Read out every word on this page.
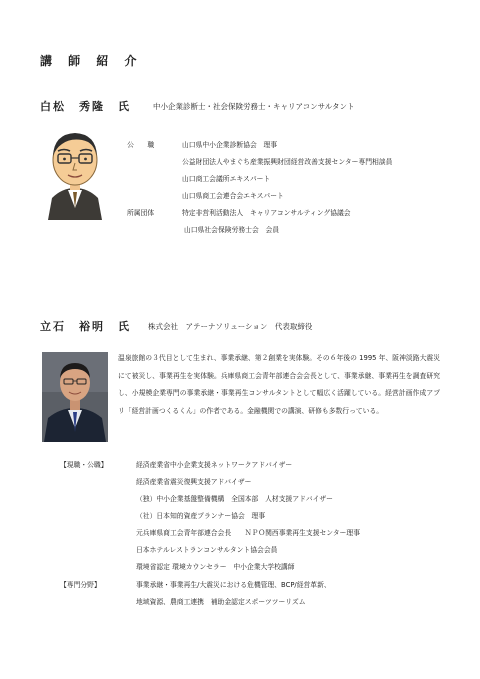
講 師 紹 介
白松　秀隆　氏	中小企業診断士・社会保険労務士・キャリアコンサルタント
公　　職	山口県中小企業診断協会　理事
公益財団法人やまぐち産業振興財団経営改善支援センター専門相談員
山口商工会議所エキスパート
山口県商工会連合会エキスパート
所属団体	特定非営利活動法人　キャリアコンサルティング協議会
山口県社会保険労務士会　会員
立石　裕明　氏 株式会社　アテーナソリューション　代表取締役
温泉旅館の３代目として生まれ、事業承継、第２創業を実体験。その６年後の 1995 年、阪神淡路大震災にて被災し、事業再生を実体験。兵庫県商工会青年部連合会会長として、事業承継、事業再生を調査研究し、小規模企業専門の事業承継・事業再生コンサルタントとして幅広く活躍している。経営計画作成アプリ「経営計画つくるくん」の作者である。金融機関での講演、研修も多数行っている。
【現職・公職】	経済産業省中小企業支援ネットワークアドバイザー
経済産業省震災復興支援アドバイザー
（独）中小企業基盤整備機構　全国本部　人材支援アドバイザー
（社）日本知的資産プランナー協会　理事
元兵庫県商工会青年部連合会長　　ＮＰＯ関西事業再生支援センター理事
日本ホテルレストランコンサルタント協会会員
環境省認定 環境カウンセラー　中小企業大学校講師
【専門分野】	事業承継・事業再生/大震災における危機管理、BCP/経営革新、
地域資源、農商工連携　補助金認定スポーツツーリズム
